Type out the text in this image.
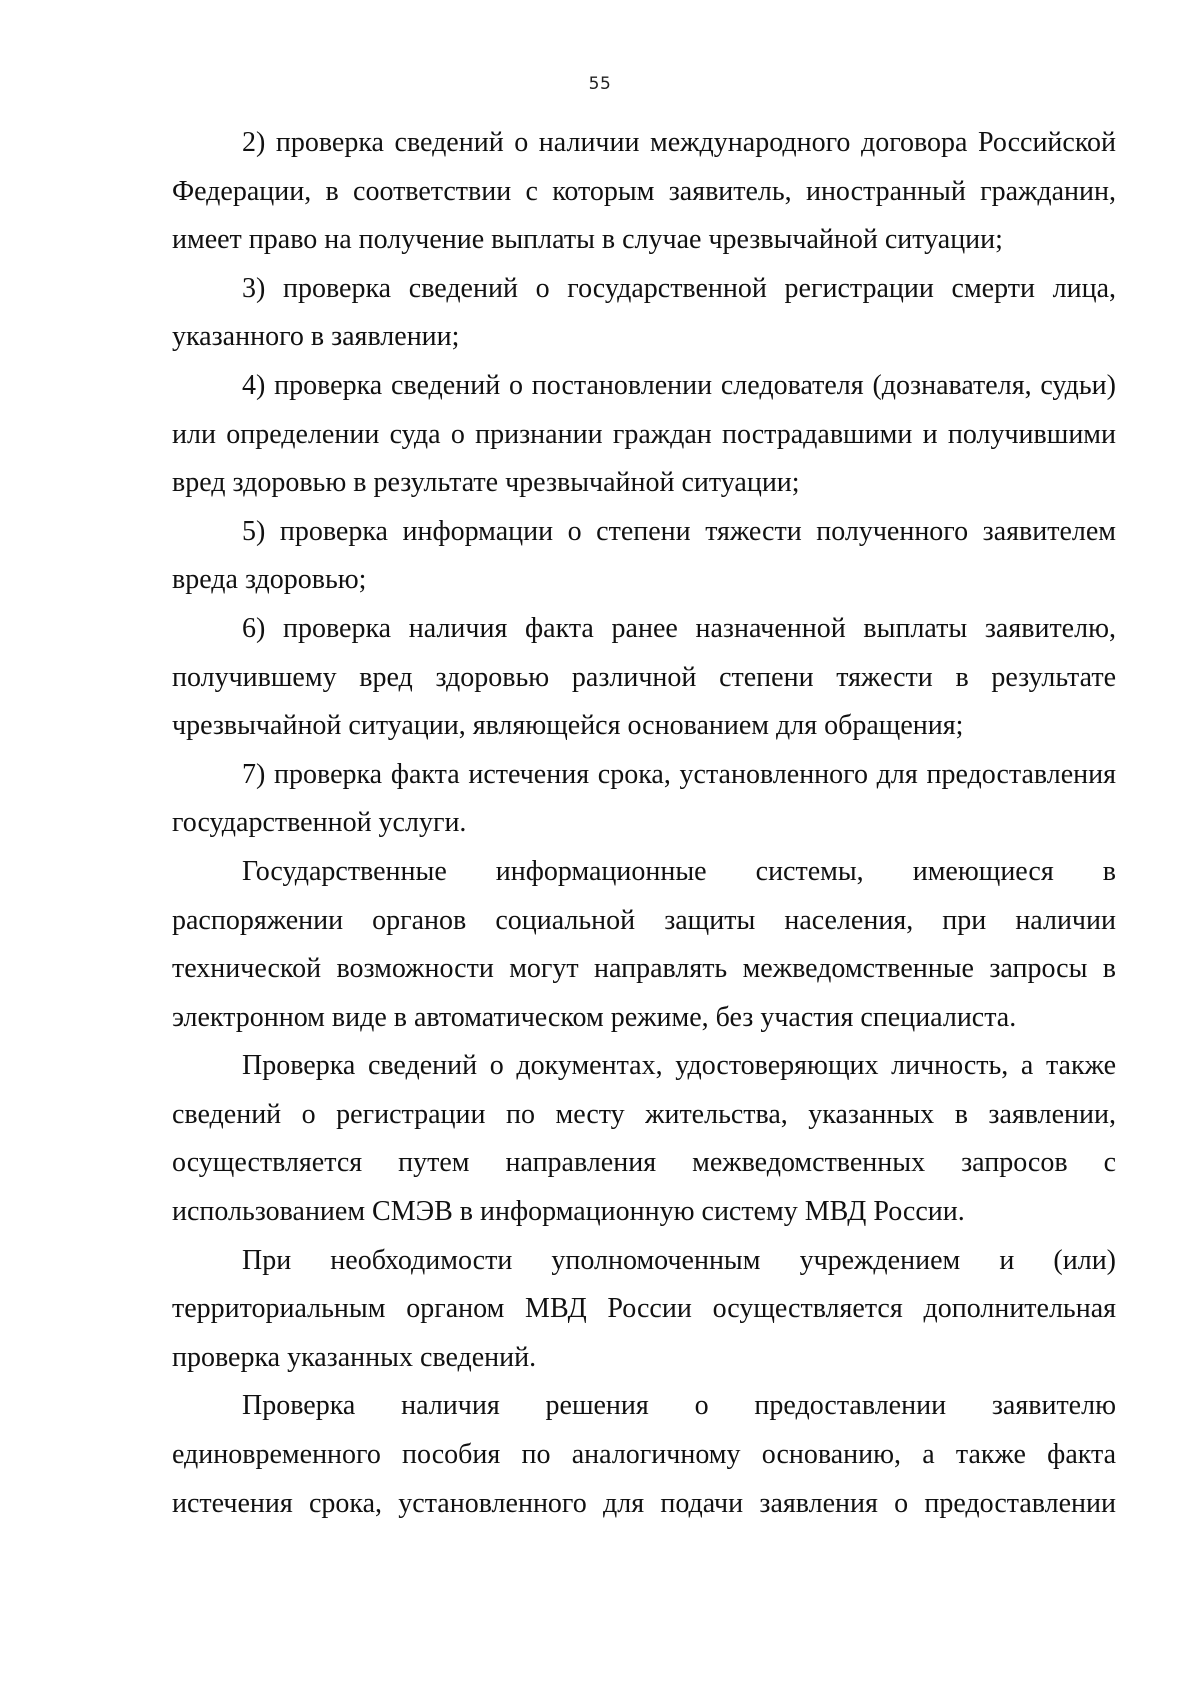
55

2) проверка сведений о наличии международного договора Российской Федерации, в соответствии с которым заявитель, иностранный гражданин, имеет право на получение выплаты в случае чрезвычайной ситуации;

3) проверка сведений о государственной регистрации смерти лица, указанного в заявлении;

4) проверка сведений о постановлении следователя (дознавателя, судьи) или определении суда о признании граждан пострадавшими и получившими вред здоровью в результате чрезвычайной ситуации;

5) проверка информации о степени тяжести полученного заявителем вреда здоровью;

6) проверка наличия факта ранее назначенной выплаты заявителю, получившему вред здоровью различной степени тяжести в результате чрезвычайной ситуации, являющейся основанием для обращения;

7) проверка факта истечения срока, установленного для предоставления государственной услуги.

Государственные информационные системы, имеющиеся в распоряжении органов социальной защиты населения, при наличии технической возможности могут направлять межведомственные запросы в электронном виде в автоматическом режиме, без участия специалиста.

Проверка сведений о документах, удостоверяющих личность, а также сведений о регистрации по месту жительства, указанных в заявлении, осуществляется путем направления межведомственных запросов с использованием СМЭВ в информационную систему МВД России.

При необходимости уполномоченным учреждением и (или) территориальным органом МВД России осуществляется дополнительная проверка указанных сведений.

Проверка наличия решения о предоставлении заявителю единовременного пособия по аналогичному основанию, а также факта истечения срока, установленного для подачи заявления о предоставлении
